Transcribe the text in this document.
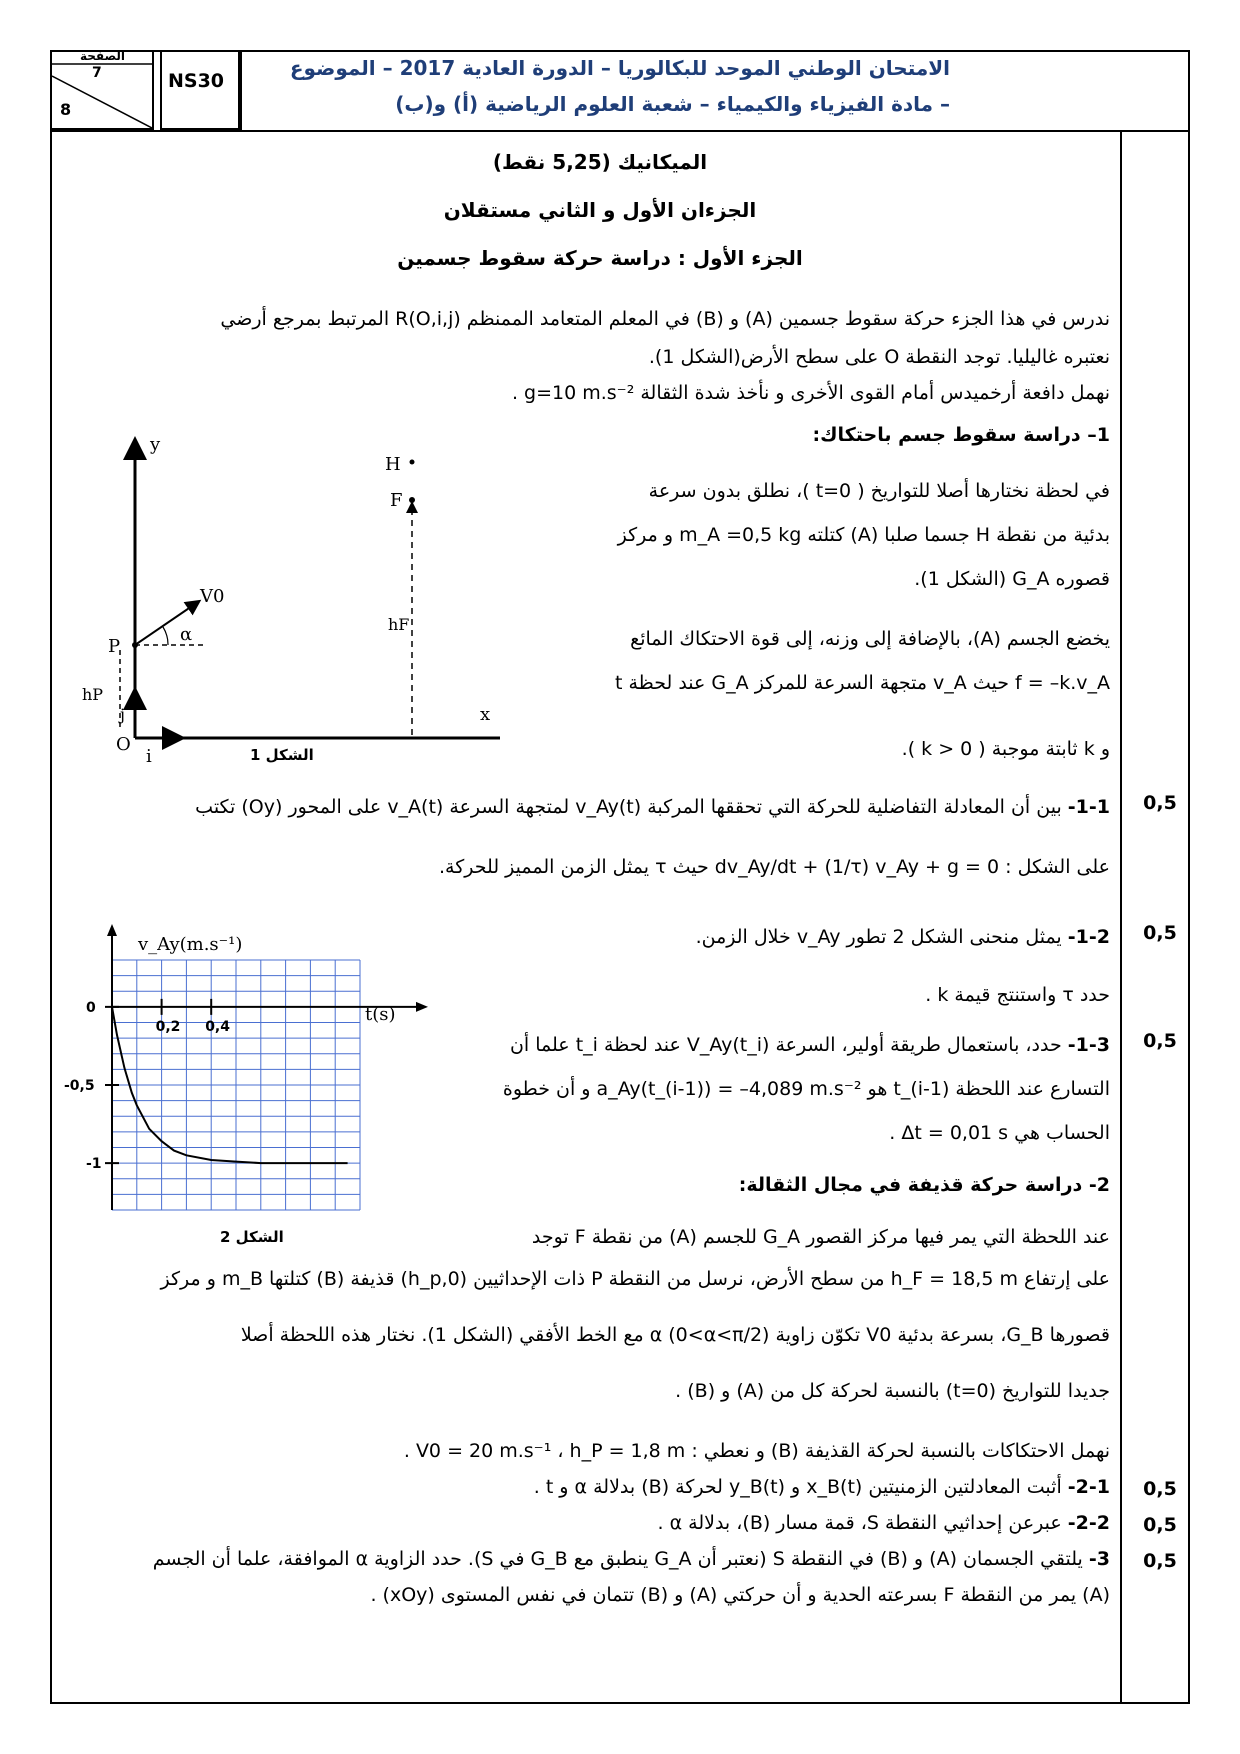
الصفحة
7
8
NS30
الامتحان الوطني الموحد للبكالوريا – الدورة العادية 2017 – الموضوع
– مادة الفيزياء والكيمياء – شعبة العلوم الرياضية (أ) و(ب)
الميكانيك (5,25 نقط)
الجزءان الأول و الثاني مستقلان
الجزء الأول : دراسة حركة سقوط جسمين
ندرس في هذا الجزء حركة سقوط جسمين (A) و (B) في المعلم المتعامد الممنظم R(O,i,j) المرتبط بمرجع أرضي
نعتبره غاليليا. توجد النقطة O على سطح الأرض(الشكل 1).
نهمل دافعة أرخميدس أمام القوى الأخرى و نأخذ شدة الثقالة g=10 m.s⁻² .
1– دراسة سقوط جسم باحتكاك:
في لحظة نختارها أصلا للتواريخ ( t=0 )، نطلق بدون سرعة
بدئية من نقطة H جسما صلبا (A) كتلته m_A =0,5 kg و مركز
قصوره G_A (الشكل 1).
يخضع الجسم (A)، بالإضافة إلى وزنه، إلى قوة الاحتكاك المائع
f = –k.v_A حيث v_A متجهة السرعة للمركز G_A عند لحظة t
و k ثابتة موجبة ( k > 0 ).
y
x
O
i
j
hP
P
V0
α
H
F
hF
الشكل 1
0,5
1-1- بين أن المعادلة التفاضلية للحركة التي تحققها المركبة v_Ay(t) لمتجهة السرعة v_A(t) على المحور (Oy) تكتب
على الشكل : dv_Ay/dt + (1/τ) v_Ay + g = 0 حيث τ يمثل الزمن المميز للحركة.
0,5
1-2- يمثل منحنى الشكل 2 تطور v_Ay خلال الزمن.
حدد τ واستنتج قيمة k .
0,5
1-3- حدد، باستعمال طريقة أولير، السرعة V_Ay(t_i) عند لحظة t_i علما أن
التسارع عند اللحظة t_(i-1) هو a_Ay(t_(i-1)) = –4,089 m.s⁻² و أن خطوة
الحساب هي Δt = 0,01 s .
v_Ay(m.s⁻¹)
t(s)
الشكل 2
0,2 0,4
0
-0,5
-1
2- دراسة حركة قذيفة في مجال الثقالة:
عند اللحظة التي يمر فيها مركز القصور G_A للجسم (A) من نقطة F توجد
على إرتفاع h_F = 18,5 m من سطح الأرض، نرسل من النقطة P ذات الإحداثيين (0,h_p) قذيفة (B) كتلتها m_B و مركز
قصورها G_B، بسرعة بدئية V0 تكوّن زاوية α (0<α<π/2) مع الخط الأفقي (الشكل 1). نختار هذه اللحظة أصلا
جديدا للتواريخ (t=0) بالنسبة لحركة كل من (A) و (B) .
نهمل الاحتكاكات بالنسبة لحركة القذيفة (B) و نعطي : V0 = 20 m.s⁻¹ ، h_P = 1,8 m .
0,5
2-1- أثبت المعادلتين الزمنيتين x_B(t) و y_B(t) لحركة (B) بدلالة α و t .
0,5
2-2- عبرعن إحداثيي النقطة S، قمة مسار (B)، بدلالة α .
0,5
3- يلتقي الجسمان (A) و (B) في النقطة S (نعتبر أن G_A ينطبق مع G_B في S). حدد الزاوية α الموافقة، علما أن الجسم
(A) يمر من النقطة F بسرعته الحدية و أن حركتي (A) و (B) تتمان في نفس المستوى (xOy) .
